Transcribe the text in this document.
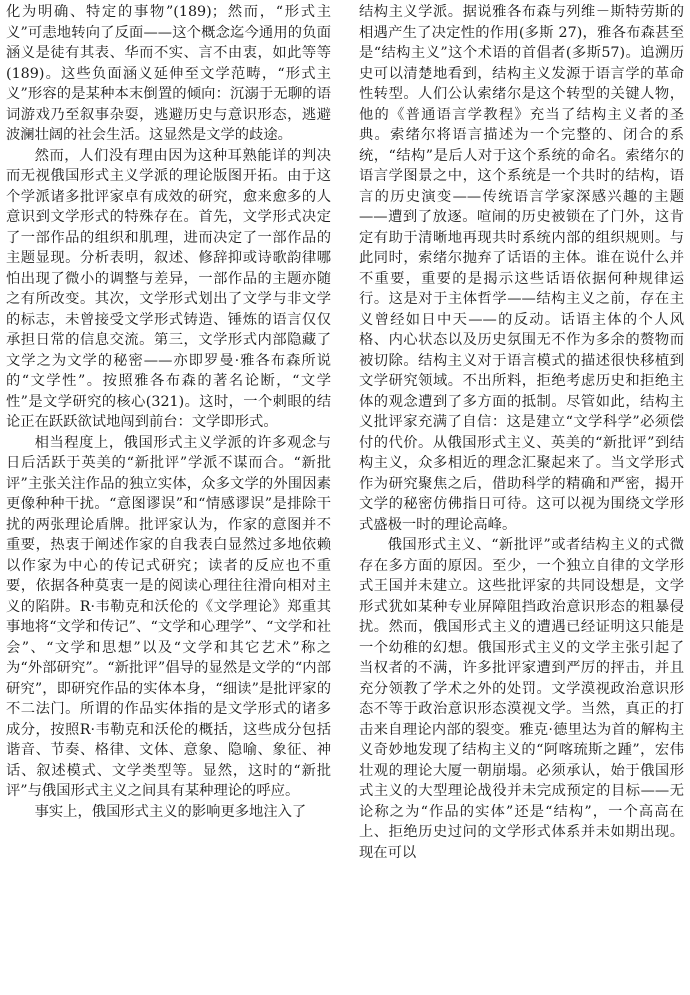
化为明确、特定的事物”(189)；然而，“形式主义”可恚地转向了反面——这个概念迄今通用的负面涵义是徒有其表、华而不实、言不由衷，如此等等(189)。这些负面涵义延伸至文学范畴，“形式主义”形容的是某种本末倒置的倾向：沉溺于无聊的语词游戏乃至叙事杂耍，逃避历史与意识形态，逃避波澜壮阔的社会生活。这显然是文学的歧途。

然而，人们没有理由因为这种耳熟能详的判决而无视俄国形式主义学派的理论版图开拓。由于这个学派诸多批评家卓有成效的研究，愈来愈多的人意识到文学形式的特殊存在。首先，文学形式决定了一部作品的组织和肌理，进而决定了一部作品的主题显现。分析表明，叙述、修辞抑或诗歌韵律哪怕出现了微小的调整与差异，一部作品的主题亦随之有所改变。其次，文学形式划出了文学与非文学的标志，未曾接受文学形式铸造、锤炼的语言仅仅承担日常的信息交流。第三，文学形式内部隐藏了文学之为文学的秘密——亦即罗曼·雅各布森所说的“文学性”。按照雅各布森的著名论断，“文学性”是文学研究的核心(321)。这时，一个刺眼的结论正在跃跃欲试地闯到前台：文学即形式。

相当程度上，俄国形式主义学派的许多观念与日后活跃于英美的“新批评”学派不谋而合。“新批评”主张关注作品的独立实体，众多文学的外围因素更像种种干扰。“意图谬误”和“情感谬误”是排除干扰的两张理论盾牌。批评家认为，作家的意图并不重要，热衷于阐述作家的自我表白显然过多地依赖以作家为中心的传记式研究；读者的反应也不重要，依据各种莫衷一是的阅读心理往往滑向相对主义的陷阱。R·韦勒克和沃伦的《文学理论》郑重其事地将“文学和传记”、“文学和心理学”、“文学和社会”、“文学和思想”以及“文学和其它艺术”称之为“外部研究”。“新批评”倡导的显然是文学的“内部研究”，即研究作品的实体本身，“细读”是批评家的不二法门。所谓的作品实体指的是文学形式的诸多成分，按照R·韦勒克和沃伦的概括，这些成分包括谐音、节奏、格律、文体、意象、隐喻、象征、神话、叙述模式、文学类型等。显然，这时的“新批评”与俄国形式主义之间具有某种理论的呼应。

事实上，俄国形式主义的影响更多地注入了

结构主义学派。据说雅各布森与列维－斯特劳斯的相遇产生了决定性的作用(多斯 27)，雅各布森甚至是“结构主义”这个术语的首倡者(多斯57)。追溯历史可以清楚地看到，结构主义发源于语言学的革命性转型。人们公认索绪尔是这个转型的关键人物，他的《普通语言学教程》充当了结构主义者的圣典。索绪尔将语言描述为一个完整的、闭合的系统，“结构”是后人对于这个系统的命名。索绪尔的语言学图景之中，这个系统是一个共时的结构，语言的历史演变——传统语言学家深感兴趣的主题——遭到了放逐。喧闹的历史被锁在了门外，这肯定有助于清晰地再现共时系统内部的组织规则。与此同时，索绪尔抛弃了话语的主体。谁在说什么并不重要，重要的是揭示这些话语依据何种规律运行。这是对于主体哲学——结构主义之前，存在主义曾经如日中天——的反动。话语主体的个人风格、内心状态以及历史氛围无不作为多余的赘物而被切除。结构主义对于语言模式的描述很快移植到文学研究领域。不出所料，拒绝考虑历史和拒绝主体的观念遭到了多方面的抵制。尽管如此，结构主义批评家充满了自信：这是建立“文学科学”必须偿付的代价。从俄国形式主义、英美的“新批评”到结构主义，众多相近的理念汇聚起来了。当文学形式作为研究聚焦之后，借助科学的精确和严密，揭开文学的秘密仿佛指日可待。这可以视为围绕文学形式盛极一时的理论高峰。

俄国形式主义、“新批评”或者结构主义的式微存在多方面的原因。至少，一个独立自律的文学形式王国并未建立。这些批评家的共同设想是，文学形式犹如某种专业屏障阻挡政治意识形态的粗暴侵扰。然而，俄国形式主义的遭遇已经证明这只能是一个幼稚的幻想。俄国形式主义的文学主张引起了当权者的不满，许多批评家遭到严厉的抨击，并且充分领教了学术之外的处罚。文学漠视政治意识形态不等于政治意识形态漠视文学。当然，真正的打击来自理论内部的裂变。雅克·德里达为首的解构主义奇妙地发现了结构主义的“阿喀琉斯之踵”，宏伟壮观的理论大厦一朝崩塌。必须承认，始于俄国形式主义的大型理论战役并未完成预定的目标——无论称之为“作品的实体”还是“结构”，一个高高在上、拒绝历史过问的文学形式体系并未如期出现。现在可以
